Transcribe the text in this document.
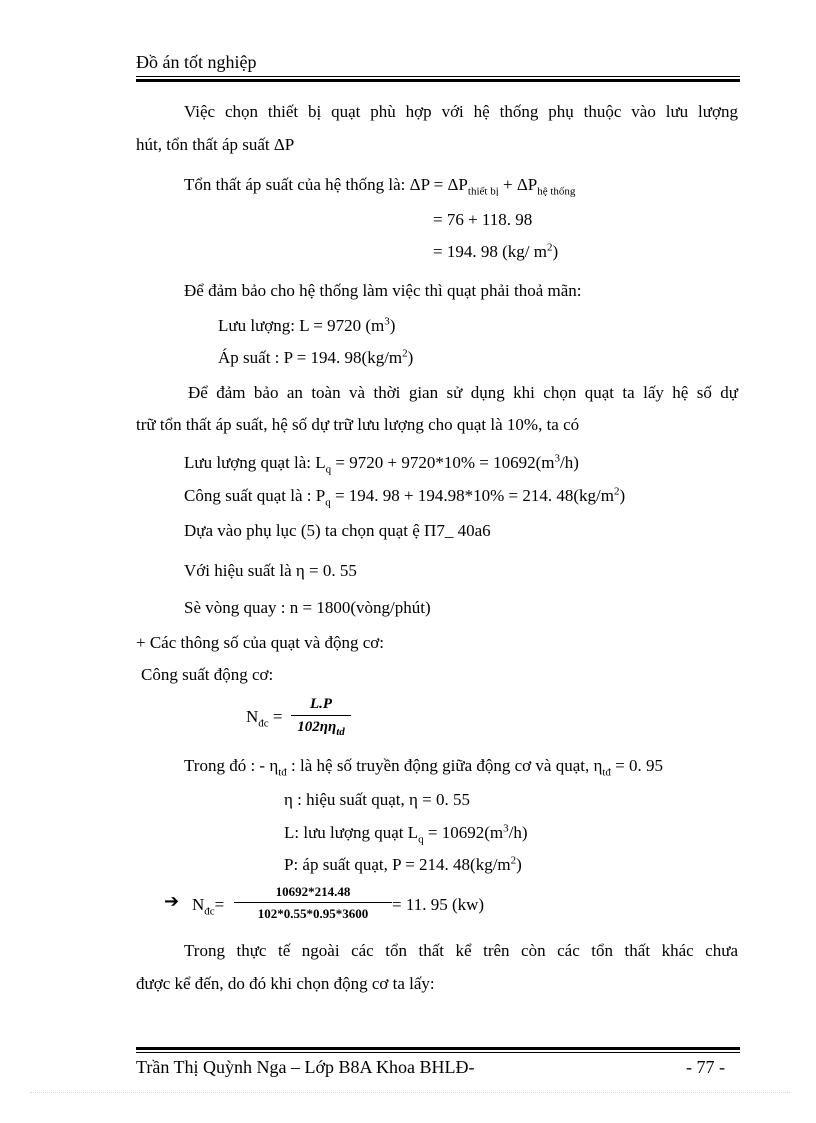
Đồ án tốt nghiệp
Việc chọn thiết bị quạt phù hợp với hệ thống phụ thuộc vào lưu lượng
hút, tổn thất áp suất ΔP
Tổn thất áp suất của hệ thống là: $\Delta P = \Delta P_{thiết bị} + \Delta P_{hệ thống}$
= 76 + 118. 98
= 194. 98 (kg/ $m^2$)
Để đảm bảo cho hệ thống làm việc thì quạt phải thoả mãn:
Lưu lượng: L = 9720 $(m^3)$
Áp suất : P = 194. $98(kg/m^2)$
Để đảm bảo an toàn và thời gian sử dụng khi chọn quạt ta lấy hệ số dự
trữ tổn thất áp suất, hệ số dự trữ lưu lượng cho quạt là 10%, ta có
Lưu lượng quạt là: $L_q = 9720 + 9720*10\% = 10692(m^3/h)$
Công suất quạt là : $P_q = 194$. 98 + 194.98*10% = 214. $48(kg/m^2)$
Dựa vào phụ lục (5) ta chọn quạt ệ Π7_ 40a6
Với hiệu suất là η = 0. 55
Sè vòng quay : n = 1800(vòng/phút)
+ Các thông số của quạt và động cơ:
Công suất động cơ:
$N_{đc}$ =
L.P
$102\eta\eta_{td}$
Trong đó : - $\eta_{tđ}$ : là hệ số truyền động giữa động cơ và quạt, $\eta_{tđ} = 0$. 95
η : hiệu suất quạt, η = 0. 55
L: lưu lượng quạt $L_q = 10692(m^3/h)$
P: áp suất quạt, P = 214. $48(kg/m^2)$
➔ $N_{đc}= \frac{10692*214.48}{102*0.55*0.95*3600} = 11$. 95 (kw)
Trong thực tế ngoài các tổn thất kể trên còn các tổn thất khác chưa
được kể đến, do đó khi chọn động cơ ta lấy:
Trần Thị Quỳnh Nga – Lớp B8A Khoa BHLĐ-	- 77 -
